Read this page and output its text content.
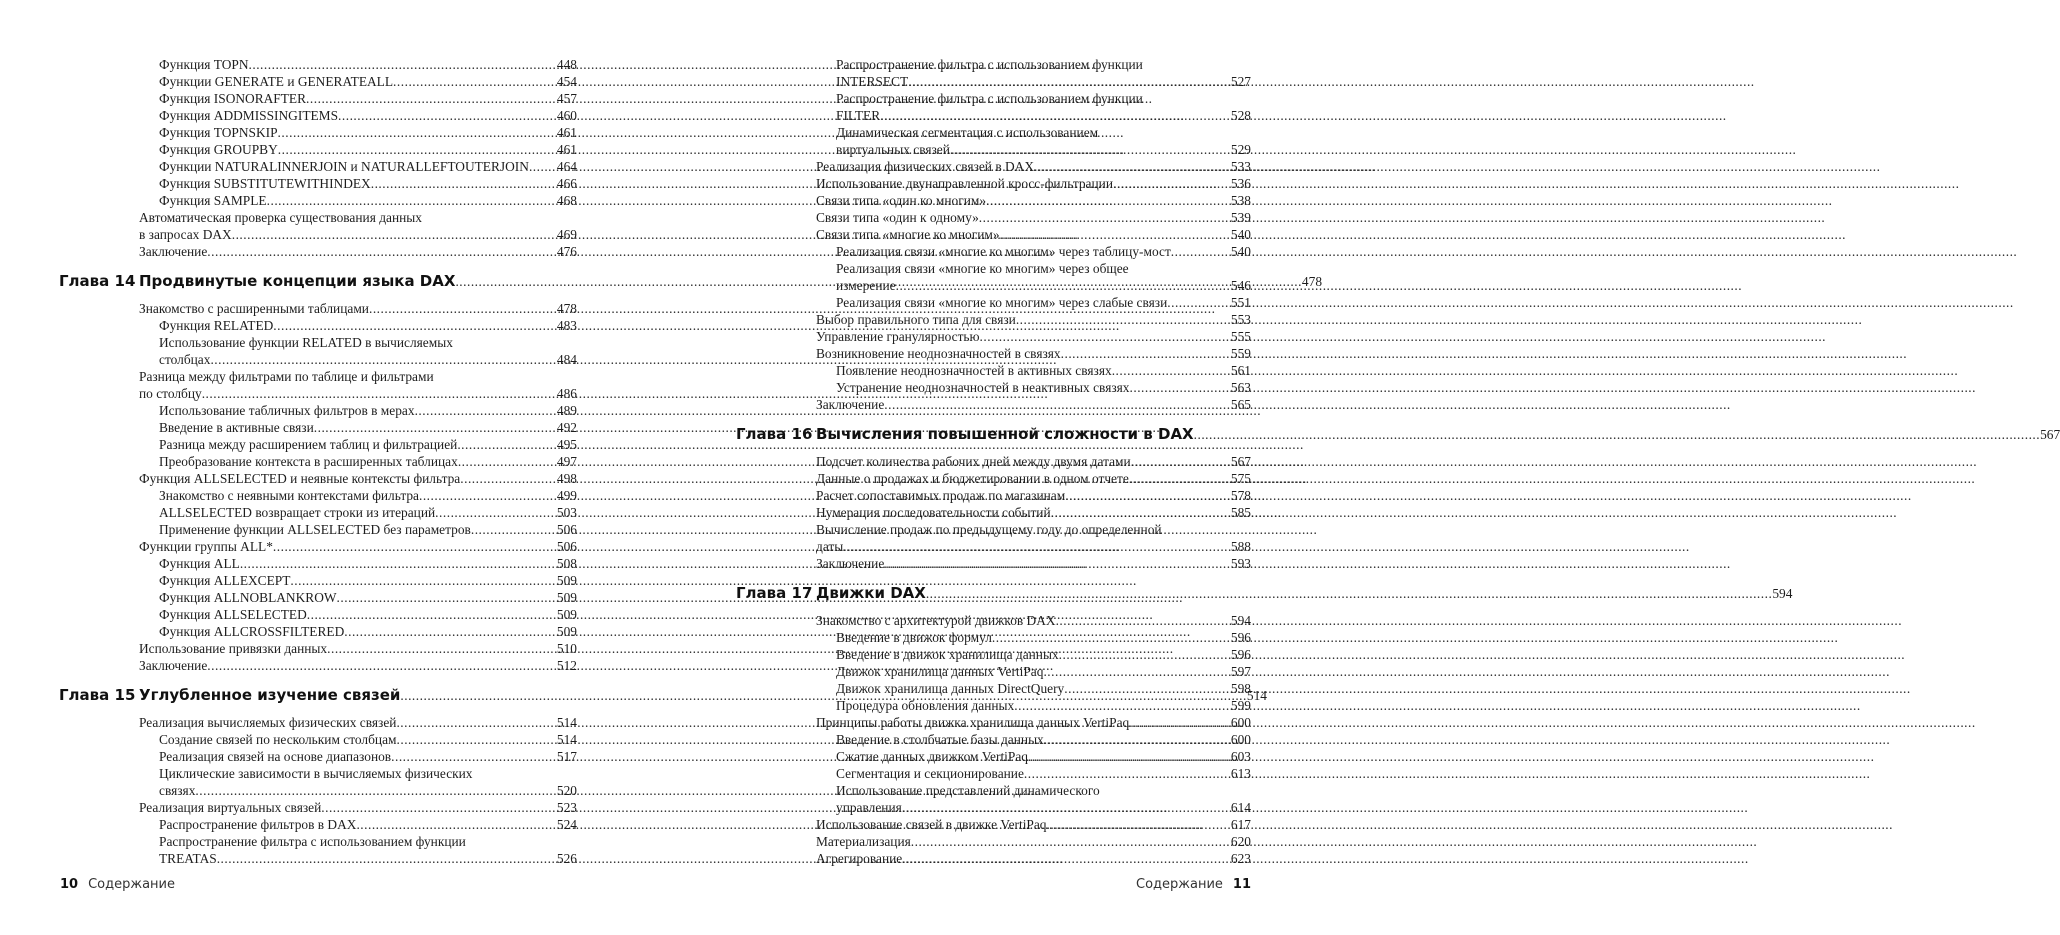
Функция TOPN .....	448
Функции GENERATE и GENERATEALL .....	454
Функция ISONORAFTER .....	457
Функция ADDMISSINGITEMS .....	460
Функция TOPNSKIP .....	461
Функция GROUPBY .....	461
Функции NATURALINNERJOIN и NATURALLEFTOUTERJOIN ..... 464
Функция SUBSTITUTEWITHINDEX .....	466
Функция SAMPLE .....	468
Автоматическая проверка существования данных
в запросах DAX .....	469
Заключение .....	476
Глава 14 Продвинутые концепции языка DAX .....	478
Знакомство с расширенными таблицами .....	478
Функция RELATED .....	483
Использование функции RELATED в вычисляемых
столбцах .....	484
Разница между фильтрами по таблице и фильтрами
по столбцу .....	486
Использование табличных фильтров в мерах .....	489
Введение в активные связи .....	492
Разница между расширением таблиц и фильтрацией .....	495
Преобразование контекста в расширенных таблицах .....	497
Функция ALLSELECTED и неявные контексты фильтра .....	498
Знакомство с неявными контекстами фильтра .....	499
ALLSELECTED возвращает строки из итераций .....	503
Применение функции ALLSELECTED без параметров .....	506
Функции группы ALL* .....	506
Функция ALL .....	508
Функция ALLEXCEPT .....	509
Функция ALLNOBLANKROW .....	509
Функция ALLSELECTED .....	509
Функция ALLCROSSFILTERED .....	509
Использование привязки данных .....	510
Заключение .....	512
Глава 15 Углубленное изучение связей .....	514
Реализация вычисляемых физических связей .....	514
Создание связей по нескольким столбцам .....	514
Реализация связей на основе диапазонов .....	517
Циклические зависимости в вычисляемых физических
связях .....	520
Реализация виртуальных связей .....	523
Распространение фильтров в DAX .....	524
Распространение фильтра с использованием функции
TREATAS .....	526
10 Содержание
Распространение фильтра с использованием функции
INTERSECT .....	527
Распространение фильтра с использованием функции
FILTER .....	528
Динамическая сегментация с использованием
виртуальных связей .....	529
Реализация физических связей в DAX .....	533
Использование двунаправленной кросс-фильтрации .....	536
Связи типа «один ко многим» .....	538
Связи типа «один к одному» .....	539
Связи типа «многие ко многим» .....	540
Реализация связи «многие ко многим» через таблицу-мост .....	540
Реализация связи «многие ко многим» через общее
измерение .....	546
Реализация связи «многие ко многим» через слабые связи .....	551
Выбор правильного типа для связи .....	553
Управление гранулярностью .....	555
Возникновение неоднозначностей в связях .....	559
Появление неоднозначностей в активных связях .....	561
Устранение неоднозначностей в неактивных связях .....	563
Заключение .....	565
Глава 16 Вычисления повышенной сложности в DAX .....	567
Подсчет количества рабочих дней между двумя датами .....	567
Данные о продажах и бюджетировании в одном отчете .....	575
Расчет сопоставимых продаж по магазинам .....	578
Нумерация последовательности событий .....	585
Вычисление продаж по предыдущему году до определенной
даты .....	588
Заключение .....	593
Глава 17 Движки DAX .....	594
Знакомство с архитектурой движков DAX .....	594
Введение в движок формул .....	596
Введение в движок хранилища данных .....	596
Движок хранилища данных VertiPaq .....	597
Движок хранилища данных DirectQuery .....	598
Процедура обновления данных .....	599
Принципы работы движка хранилища данных VertiPaq .....	600
Введение в столбчатые базы данных .....	600
Сжатие данных движком VertiPaq .....	603
Сегментация и секционирование .....	613
Использование представлений динамического
управления .....	614
Использование связей в движке VertiPaq .....	617
Материализация .....	620
Агрегирование .....	623
Содержание 11
